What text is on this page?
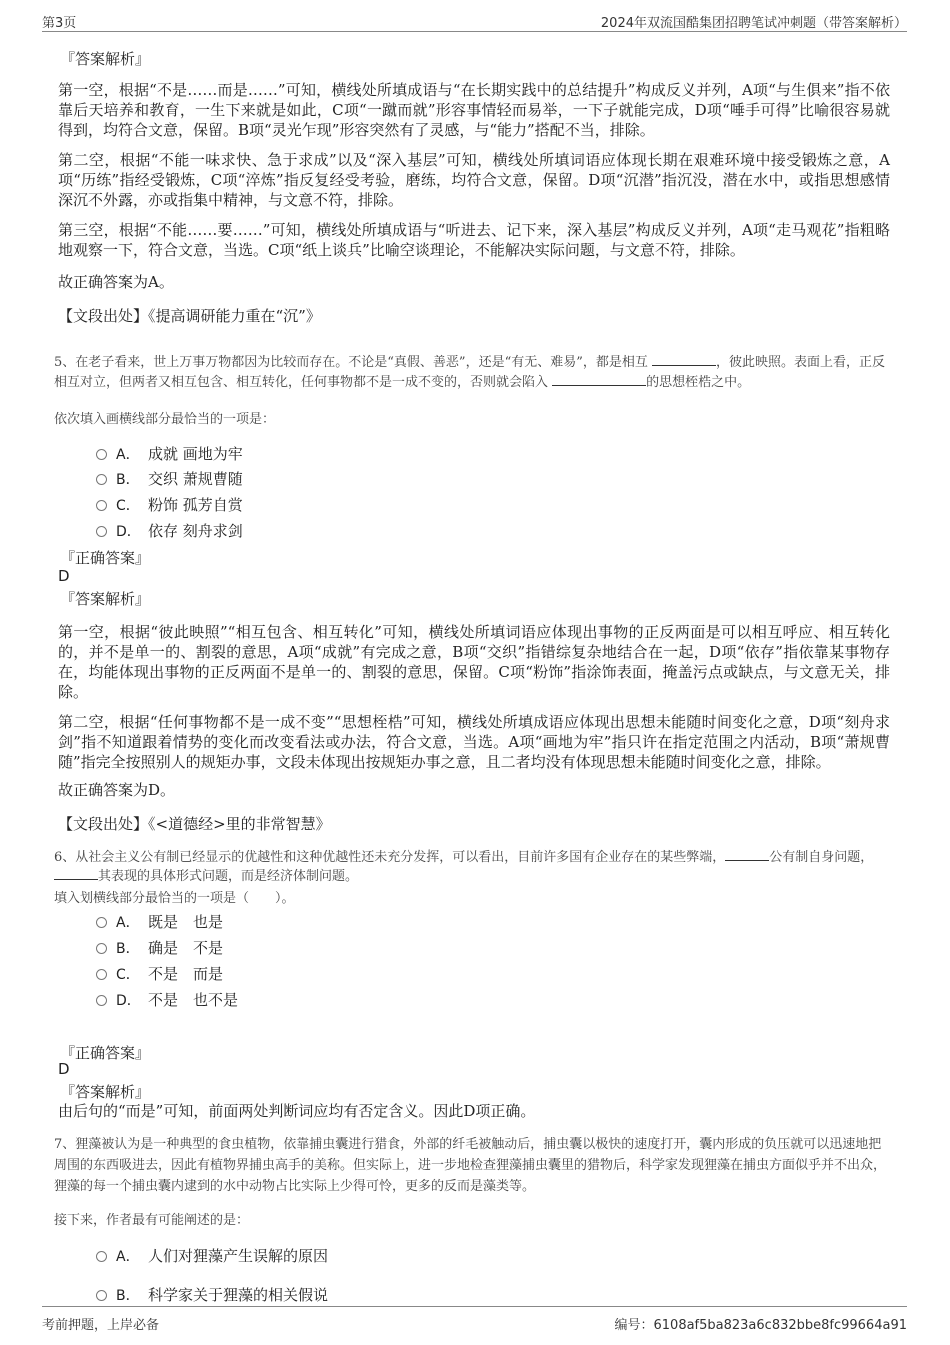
第3页	2024年双流国酷集团招聘笔试冲刺题（带答案解析）
『答案解析』

第一空，根据“不是……而是……”可知，横线处所填成语与“在长期实践中的总结提升”构成反义并列，A项“与生俱来”指不依靠后天培养和教育，一生下来就是如此，C项“一蹴而就”形容事情轻而易举，一下子就能完成，D项“唾手可得”比喻很容易就得到，均符合文意，保留。B项“灵光乍现”形容突然有了灵感，与“能力”搭配不当，排除。

第二空，根据“不能一味求快、急于求成”以及“深入基层”可知，横线处所填词语应体现长期在艰难环境中接受锻炼之意，A项“历练”指经受锻炼，C项“淬炼”指反复经受考验，磨练，均符合文意，保留。D项“沉潜”指沉没，潜在水中，或指思想感情深沉不外露，亦或指集中精神，与文意不符，排除。

第三空，根据“不能……要……”可知，横线处所填成语与“听进去、记下来，深入基层”构成反义并列，A项“走马观花”指粗略地观察一下，符合文意，当选。C项“纸上谈兵”比喻空谈理论，不能解决实际问题，与文意不符，排除。

故正确答案为A。

【文段出处】《提高调研能力重在“沉”》

5、在老子看来，世上万事万物都因为比较而存在。不论是“真假、善恶”，还是“有无、难易”，都是相互	，彼此映照。表面上看，正反相互对立，但两者又相互包含、相互转化，任何事物都不是一成不变的，否则就会陷入	的思想桎梏之中。

依次填入画横线部分最恰当的一项是：
A． 成就 画地为牢
B． 交织 萧规曹随
C． 粉饰 孤芳自赏
D． 依存 刻舟求剑
『正确答案』
D
『答案解析』

第一空，根据“彼此映照”“相互包含、相互转化”可知，横线处所填词语应体现出事物的正反两面是可以相互呼应、相互转化的，并不是单一的、割裂的意思，A项“成就”有完成之意，B项“交织”指错综复杂地结合在一起，D项“依存”指依靠某事物存在，均能体现出事物的正反两面不是单一的、割裂的意思，保留。C项“粉饰”指涂饰表面，掩盖污点或缺点，与文意无关，排除。

第二空，根据“任何事物都不是一成不变”“思想桎梏”可知，横线处所填成语应体现出思想未能随时间变化之意，D项“刻舟求剑”指不知道跟着情势的变化而改变看法或办法，符合文意，当选。A项“画地为牢”指只许在指定范围之内活动，B项“萧规曹随”指完全按照别人的规矩办事，文段未体现出按规矩办事之意，且二者均没有体现思想未能随时间变化之意，排除。

故正确答案为D。

【文段出处】《<道德经>里的非常智慧》

6、从社会主义公有制已经显示的优越性和这种优越性还未充分发挥，可以看出，目前许多国有企业存在的某些弊端，	公有制自身问题，其表现的具体形式问题，而是经济体制问题。

填入划横线部分最恰当的一项是（　　）。
A． 既是　也是
B． 确是　不是
C． 不是　而是
D． 不是　也不是
『正确答案』
D
『答案解析』
由后句的“而是”可知，前面两处判断词应均有否定含义。因此D项正确。

7、狸藻被认为是一种典型的食虫植物，依靠捕虫囊进行猎食，外部的纤毛被触动后，捕虫囊以极快的速度打开，囊内形成的负压就可以迅速地把周围的东西吸进去，因此有植物界捕虫高手的美称。但实际上，进一步地检查狸藻捕虫囊里的猎物后，科学家发现狸藻在捕虫方面似乎并不出众，狸藻的每一个捕虫囊内逮到的水中动物占比实际上少得可怜，更多的反而是藻类等。

接下来，作者最有可能阐述的是：
A． 人们对狸藻产生误解的原因
B． 科学家关于狸藻的相关假说
考前押题，上岸必备	编号：6108af5ba823a6c832bbe8fc99664a91
